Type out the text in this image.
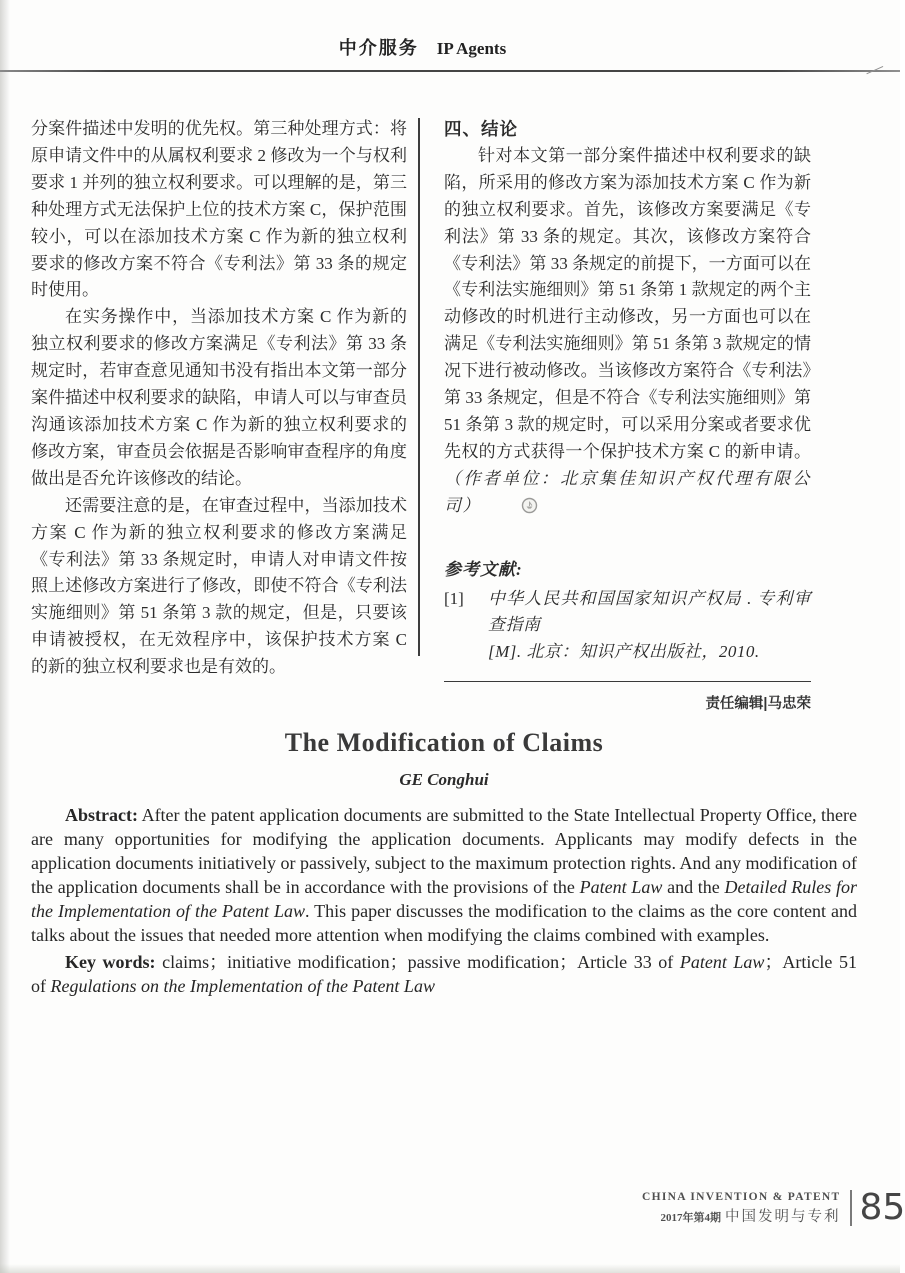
中介服务 IP Agents

分案件描述中发明的优先权。第三种处理方式：将原申请文件中的从属权利要求 2 修改为一个与权利要求 1 并列的独立权利要求。可以理解的是，第三种处理方式无法保护上位的技术方案 C，保护范围较小，可以在添加技术方案 C 作为新的独立权利要求的修改方案不符合《专利法》第 33 条的规定时使用。

在实务操作中，当添加技术方案 C 作为新的独立权利要求的修改方案满足《专利法》第 33 条规定时，若审查意见通知书没有指出本文第一部分案件描述中权利要求的缺陷，申请人可以与审查员沟通该添加技术方案 C 作为新的独立权利要求的修改方案，审查员会依据是否影响审查程序的角度做出是否允许该修改的结论。

还需要注意的是，在审查过程中，当添加技术方案 C 作为新的独立权利要求的修改方案满足《专利法》第 33 条规定时，申请人对申请文件按照上述修改方案进行了修改，即使不符合《专利法实施细则》第 51 条第 3 款的规定，但是，只要该申请被授权，在无效程序中，该保护技术方案 C 的新的独立权利要求也是有效的。

四、结论

针对本文第一部分案件描述中权利要求的缺陷，所采用的修改方案为添加技术方案 C 作为新的独立权利要求。首先，该修改方案要满足《专利法》第 33 条的规定。其次，该修改方案符合《专利法》第 33 条规定的前提下，一方面可以在《专利法实施细则》第 51 条第 1 款规定的两个主动修改的时机进行主动修改，另一方面也可以在满足《专利法实施细则》第 51 条第 3 款规定的情况下进行被动修改。当该修改方案符合《专利法》第 33 条规定，但是不符合《专利法实施细则》第 51 条第 3 款的规定时，可以采用分案或者要求优先权的方式获得一个保护技术方案 C 的新申请。（作者单位：北京集佳知识产权代理有限公司）

参考文献:
[1] 中华人民共和国国家知识产权局 . 专利审查指南
[M]. 北京：知识产权出版社，2010.
责任编辑|马忠荣
The Modification of Claims
GE Conghui

Abstract: After the patent application documents are submitted to the State Intellectual Property Office, there are many opportunities for modifying the application documents. Applicants may modify defects in the application documents initiatively or passively, subject to the maximum protection rights. And any modification of the application documents shall be in accordance with the provisions of the Patent Law and the Detailed Rules for the Implementation of the Patent Law. This paper discusses the modification to the claims as the core content and talks about the issues that needed more attention when modifying the claims combined with examples.

Key words: claims；initiative modification；passive modification；Article 33 of Patent Law；Article 51 of Regulations on the Implementation of the Patent Law

CHINA INVENTION & PATENT
2017年第4期 中国发明与专利 85
